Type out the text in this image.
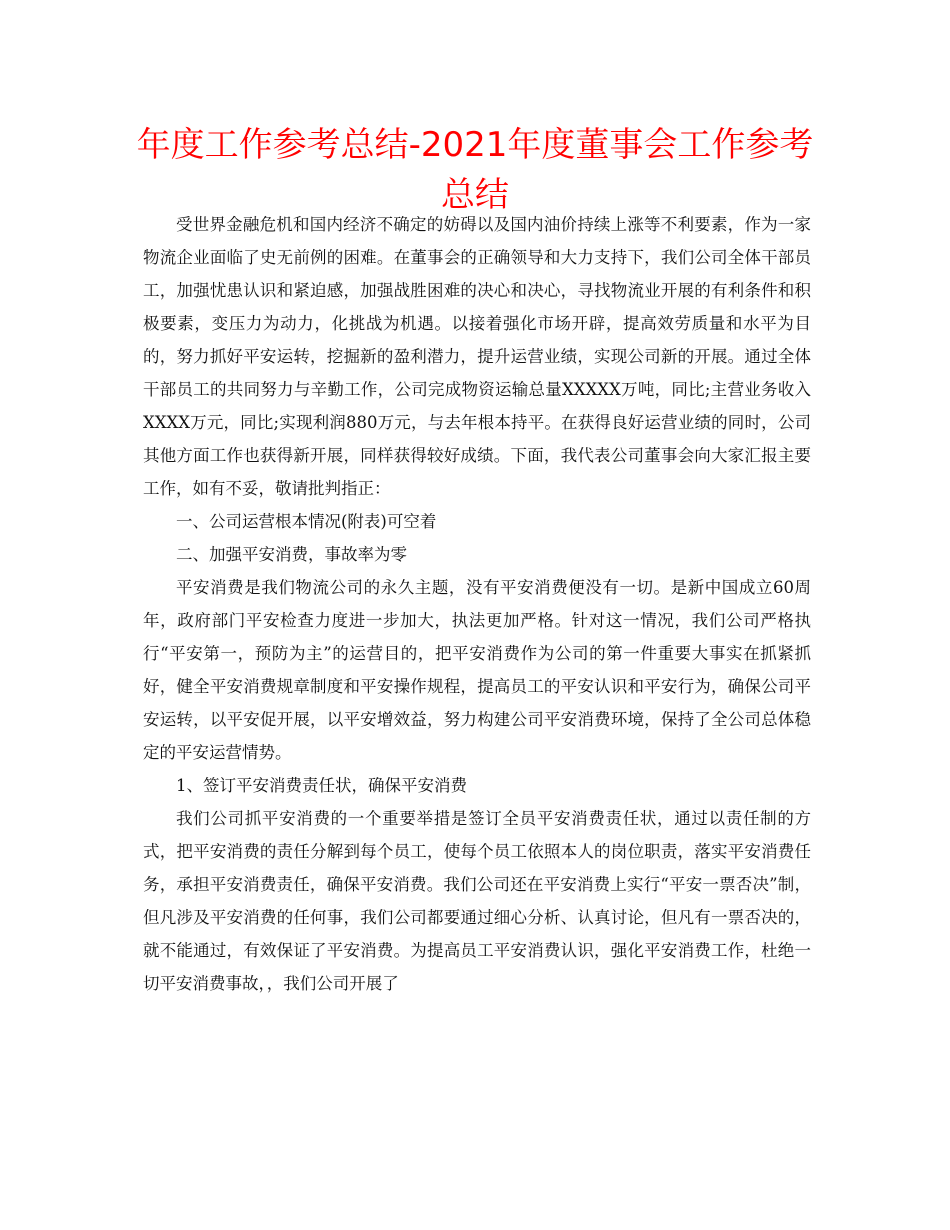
年度工作参考总结-2021年度董事会工作参考总结

受世界金融危机和国内经济不确定的妨碍以及国内油价持续上涨等不利要素，作为一家物流企业面临了史无前例的困难。在董事会的正确领导和大力支持下，我们公司全体干部员工，加强忧患认识和紧迫感，加强战胜困难的决心和决心，寻找物流业开展的有利条件和积极要素，变压力为动力，化挑战为机遇。以接着强化市场开辟，提高效劳质量和水平为目的，努力抓好平安运转，挖掘新的盈利潜力，提升运营业绩，实现公司新的开展。通过全体干部员工的共同努力与辛勤工作，公司完成物资运输总量XXXXX万吨，同比;主营业务收入XXXX万元，同比;实现利润880万元，与去年根本持平。在获得良好运营业绩的同时，公司其他方面工作也获得新开展，同样获得较好成绩。下面，我代表公司董事会向大家汇报主要工作，如有不妥，敬请批判指正：

一、公司运营根本情况(附表)可空着

二、加强平安消费，事故率为零

平安消费是我们物流公司的永久主题，没有平安消费便没有一切。是新中国成立60周年，政府部门平安检查力度进一步加大，执法更加严格。针对这一情况，我们公司严格执行“平安第一，预防为主”的运营目的，把平安消费作为公司的第一件重要大事实在抓紧抓好，健全平安消费规章制度和平安操作规程，提高员工的平安认识和平安行为，确保公司平安运转，以平安促开展，以平安增效益，努力构建公司平安消费环境，保持了全公司总体稳定的平安运营情势。

1、签订平安消费责任状，确保平安消费

我们公司抓平安消费的一个重要举措是签订全员平安消费责任状，通过以责任制的方式，把平安消费的责任分解到每个员工，使每个员工依照本人的岗位职责，落实平安消费任务，承担平安消费责任，确保平安消费。我们公司还在平安消费上实行“平安一票否决”制，但凡涉及平安消费的任何事，我们公司都要通过细心分析、认真讨论，但凡有一票否决的，就不能通过，有效保证了平安消费。为提高员工平安消费认识，强化平安消费工作，杜绝一切平安消费事故，，我们公司开展了
